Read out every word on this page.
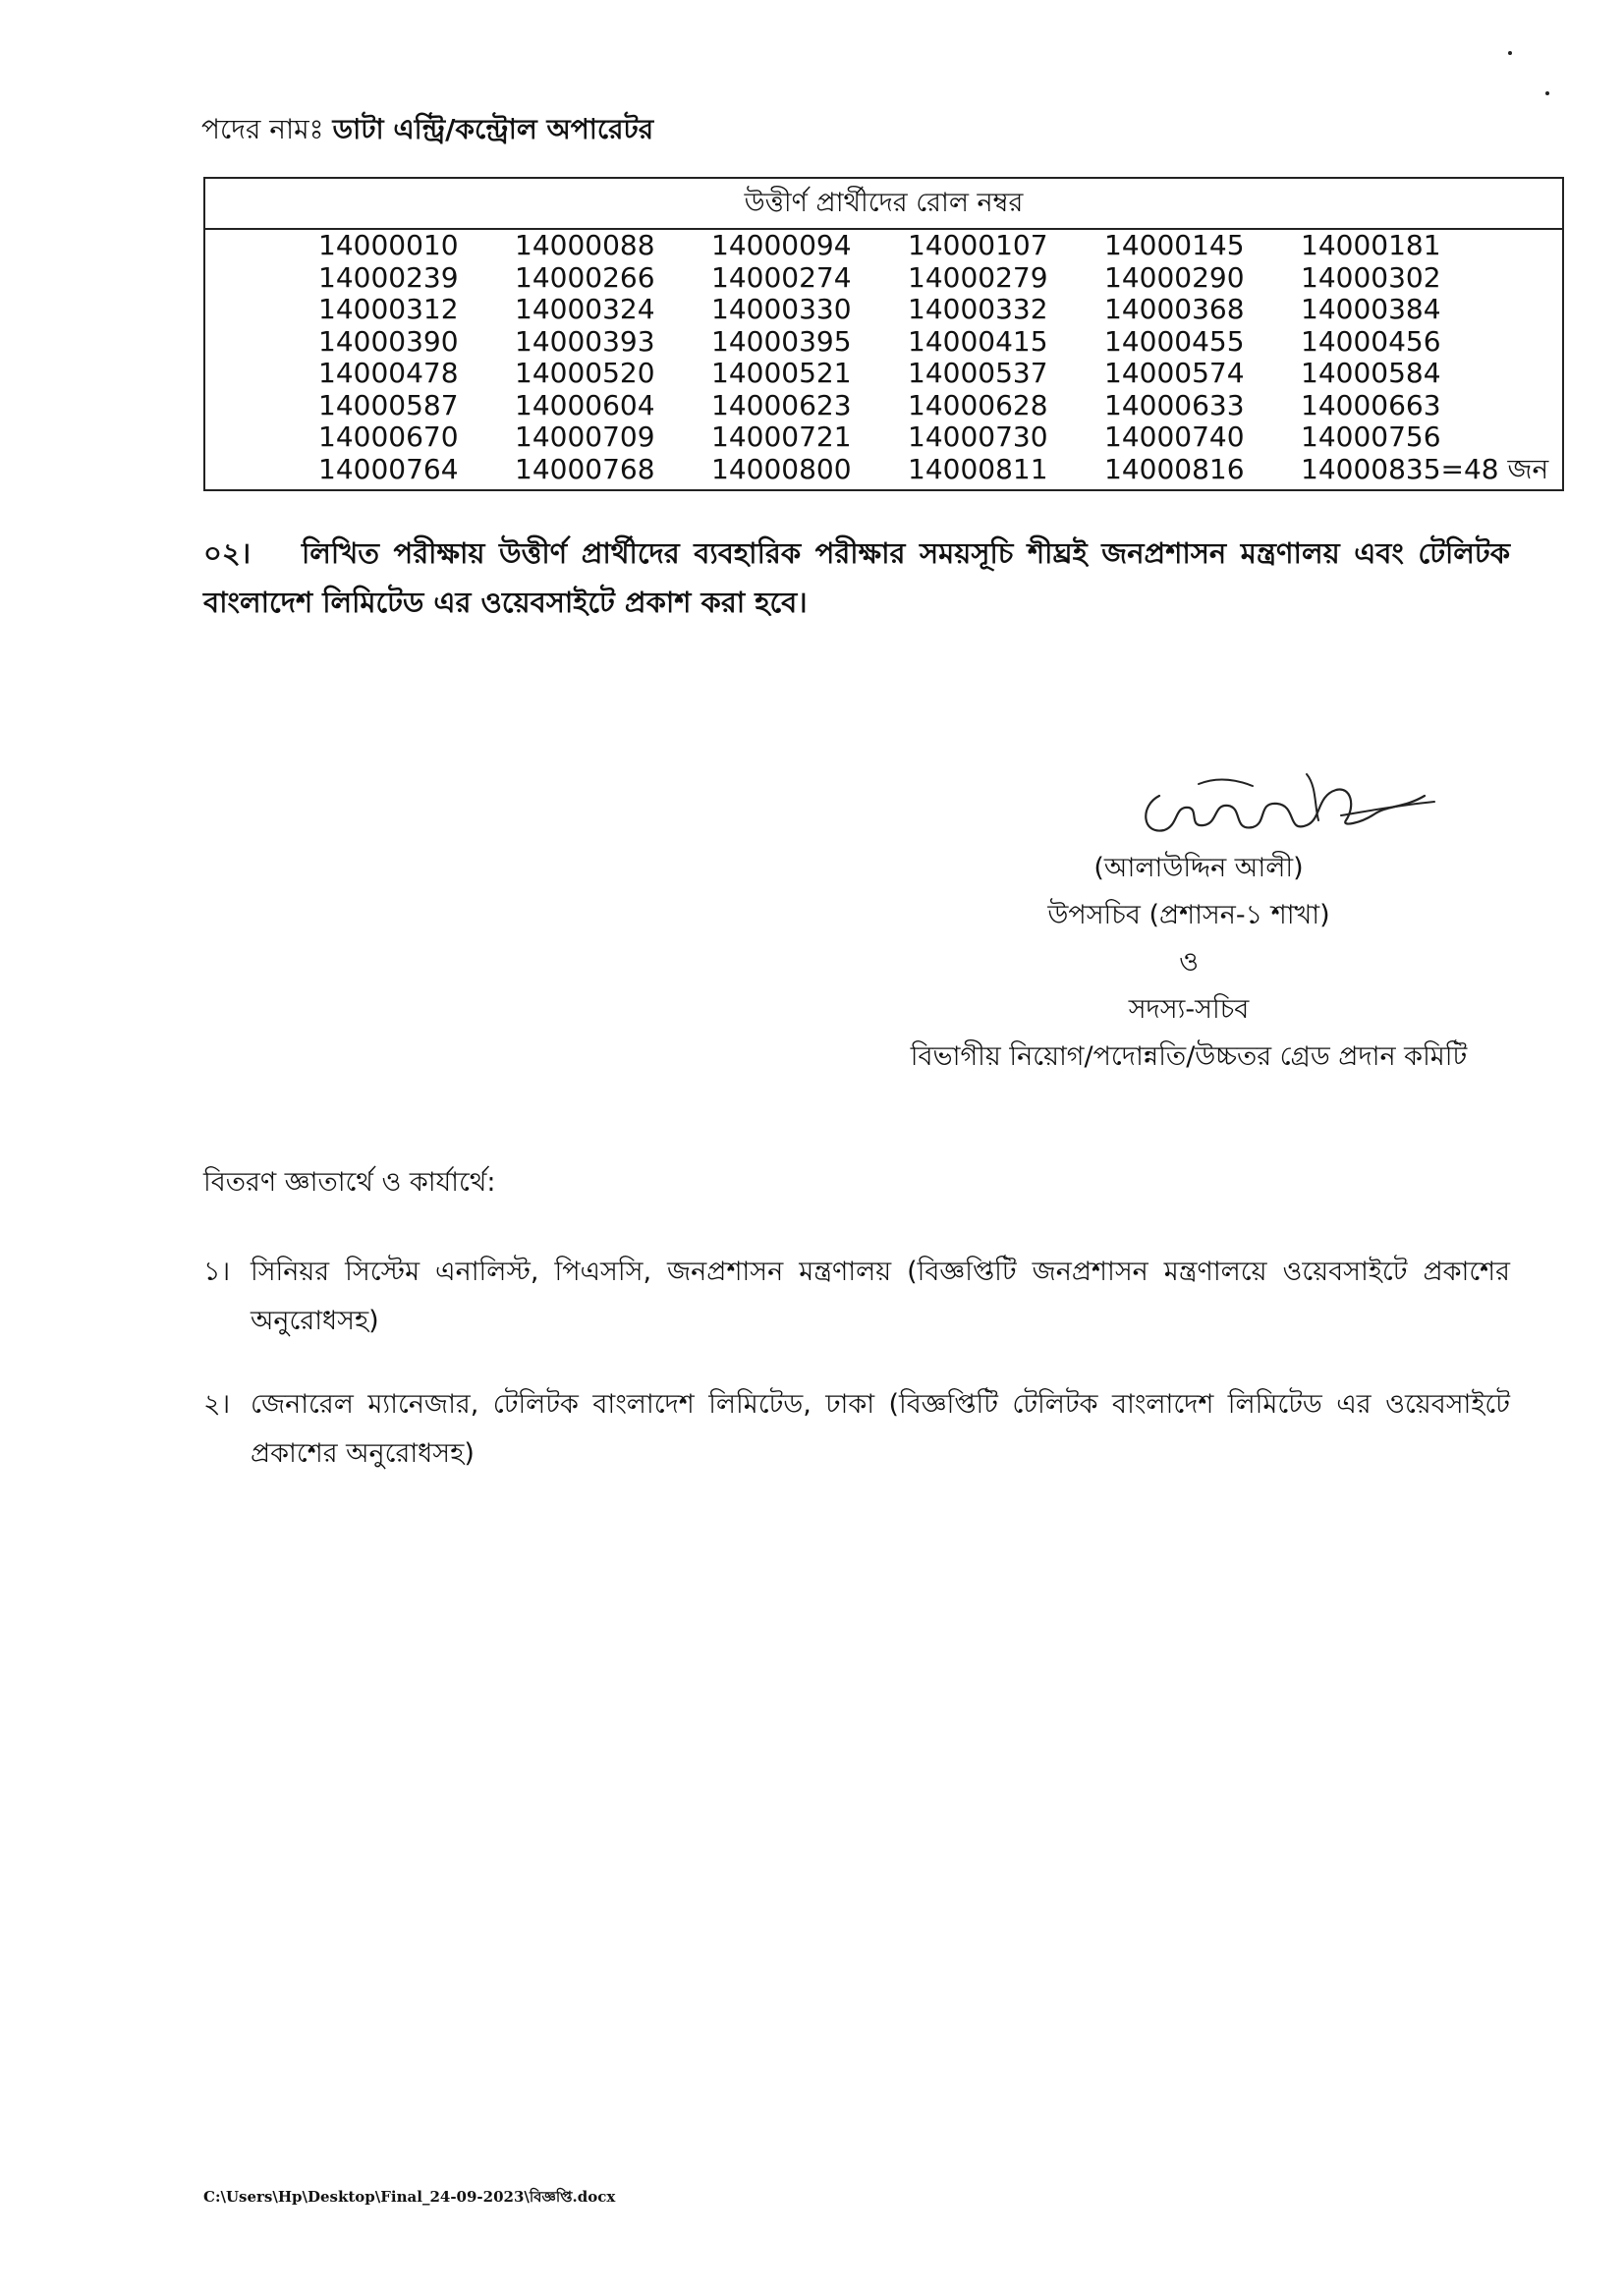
পদের নামঃ ডাটা এন্ট্রি/কন্ট্রোল অপারেটর
উত্তীর্ণ প্রার্থীদের রোল নম্বর
14000010	14000088	14000094	14000107	14000145	14000181
14000239	14000266	14000274	14000279	14000290	14000302
14000312	14000324	14000330	14000332	14000368	14000384
14000390	14000393	14000395	14000415	14000455	14000456
14000478	14000520	14000521	14000537	14000574	14000584
14000587	14000604	14000623	14000628	14000633	14000663
14000670	14000709	14000721	14000730	14000740	14000756
14000764	14000768	14000800	14000811	14000816	14000835=48 জন
০২। লিখিত পরীক্ষায় উত্তীর্ণ প্রার্থীদের ব্যবহারিক পরীক্ষার সময়সূচি শীঘ্রই জনপ্রশাসন মন্ত্রণালয় এবং টেলিটক বাংলাদেশ লিমিটেড এর ওয়েবসাইটে প্রকাশ করা হবে।
(আলাউদ্দিন আলী)
উপসচিব (প্রশাসন-১ শাখা)
ও
সদস্য-সচিব
বিভাগীয় নিয়োগ/পদোন্নতি/উচ্চতর গ্রেড প্রদান কমিটি
বিতরণ জ্ঞাতার্থে ও কার্যার্থে:
১। সিনিয়র সিস্টেম এনালিস্ট, পিএসসি, জনপ্রশাসন মন্ত্রণালয় (বিজ্ঞপ্তিটি জনপ্রশাসন মন্ত্রণালয়ে ওয়েবসাইটে প্রকাশের অনুরোধসহ)
২। জেনারেল ম্যানেজার, টেলিটক বাংলাদেশ লিমিটেড, ঢাকা (বিজ্ঞপ্তিটি টেলিটক বাংলাদেশ লিমিটেড এর ওয়েবসাইটে প্রকাশের অনুরোধসহ)
C:\Users\Hp\Desktop\Final_24-09-2023\বিজ্ঞপ্তি.docx
